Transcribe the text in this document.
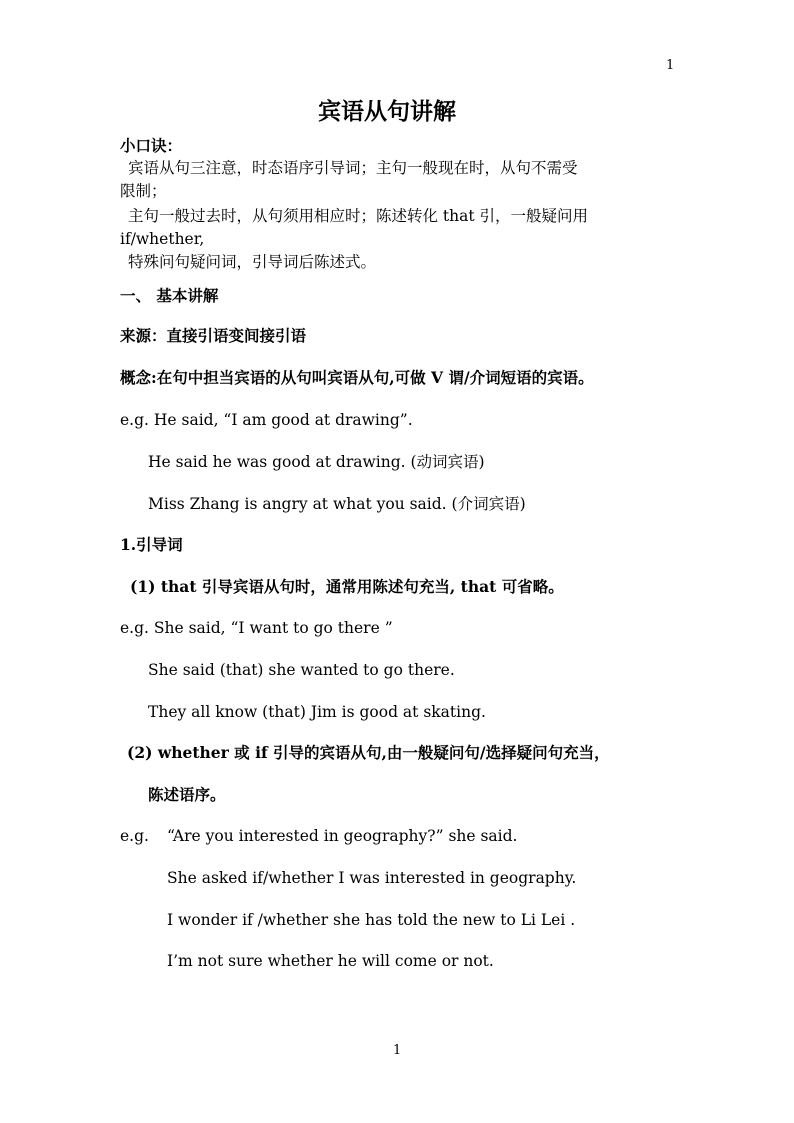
1
宾语从句讲解
小口诀：
宾语从句三注意，时态语序引导词；主句一般现在时，从句不需受
限制；
主句一般过去时，从句须用相应时；陈述转化 that 引，一般疑问用
if/whether,
特殊问句疑问词，引导词后陈述式。
一、 基本讲解
来源：直接引语变间接引语
概念:在句中担当宾语的从句叫宾语从句,可做 V 谓/介词短语的宾语。
e.g. He said, “I am good at drawing”.
He said he was good at drawing. (动词宾语)
Miss Zhang is angry at what you said. (介词宾语)
1.引导词
(1) that 引导宾语从句时，通常用陈述句充当, that 可省略。
e.g. She said, “I want to go there ”
She said (that) she wanted to go there.
They all know (that) Jim is good at skating.
(2) whether 或 if 引导的宾语从句,由一般疑问句/选择疑问句充当，
陈述语序。
e.g. “Are you interested in geography?” she said.
She asked if/whether I was interested in geography.
I wonder if /whether she has told the new to Li Lei .
I’m not sure whether he will come or not.
1
